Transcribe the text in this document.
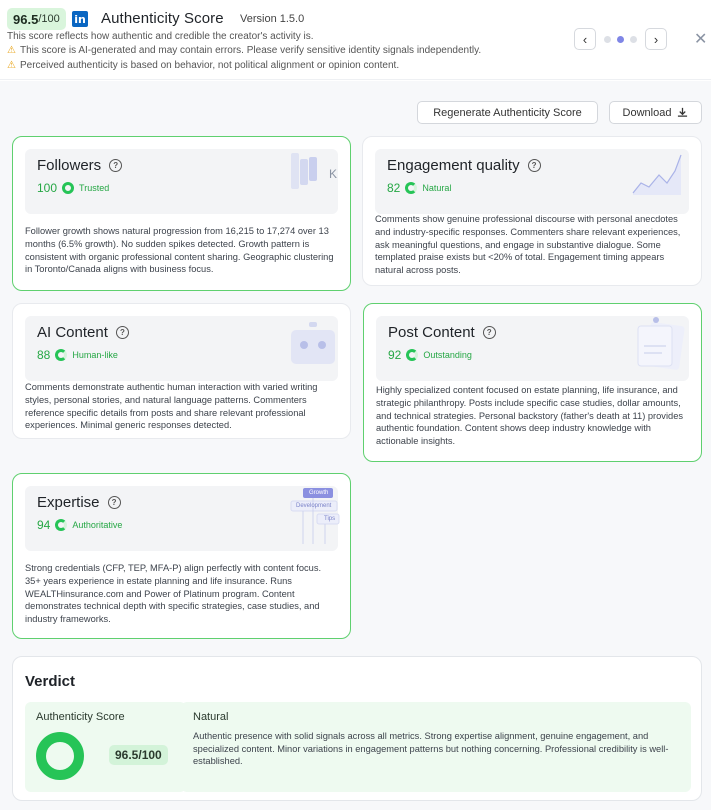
96.5 /100 in Authenticity Score Version 1.5.0
This score reflects how authentic and credible the creator's activity is.
⚠ This score is AI-generated and may contain errors. Please verify sensitive identity signals independently.
⚠ Perceived authenticity is based on behavior, not political alignment or opinion content.
‹	› ✕
Regenerate Authenticity Score	Download
Followers	?
100 Trusted
K
Follower growth shows natural progression from 16,215 to 17,274 over 13 months (6.5% growth). No sudden spikes detected. Growth pattern is consistent with organic professional content sharing. Geographic clustering in Toronto/Canada aligns with business focus.
Engagement quality	?
82 Natural
Comments show genuine professional discourse with personal anecdotes and industry-specific responses. Commenters share relevant experiences, ask meaningful questions, and engage in substantive dialogue. Some templated praise exists but <20% of total. Engagement timing appears natural across posts.
AI Content	?
88 Human-like
Comments demonstrate authentic human interaction with varied writing styles, personal stories, and natural language patterns. Commenters reference specific details from posts and share relevant professional experiences. Minimal generic responses detected.
Post Content	?
92 Outstanding
Highly specialized content focused on estate planning, life insurance, and strategic philanthropy. Posts include specific case studies, dollar amounts, and technical strategies. Personal backstory (father's death at 11) provides authentic foundation. Content shows deep industry knowledge with actionable insights.
Expertise	?
94 Authoritative
Growth
Development
Tips
Strong credentials (CFP, TEP, MFA-P) align perfectly with content focus. 35+ years experience in estate planning and life insurance. Runs WEALTHinsurance.com and Power of Platinum program. Content demonstrates technical depth with specific strategies, case studies, and industry frameworks.
Verdict
Authenticity Score
96.5/100
Natural
Authentic presence with solid signals across all metrics. Strong expertise alignment, genuine engagement, and specialized content. Minor variations in engagement patterns but nothing concerning. Professional credibility is well-established.
